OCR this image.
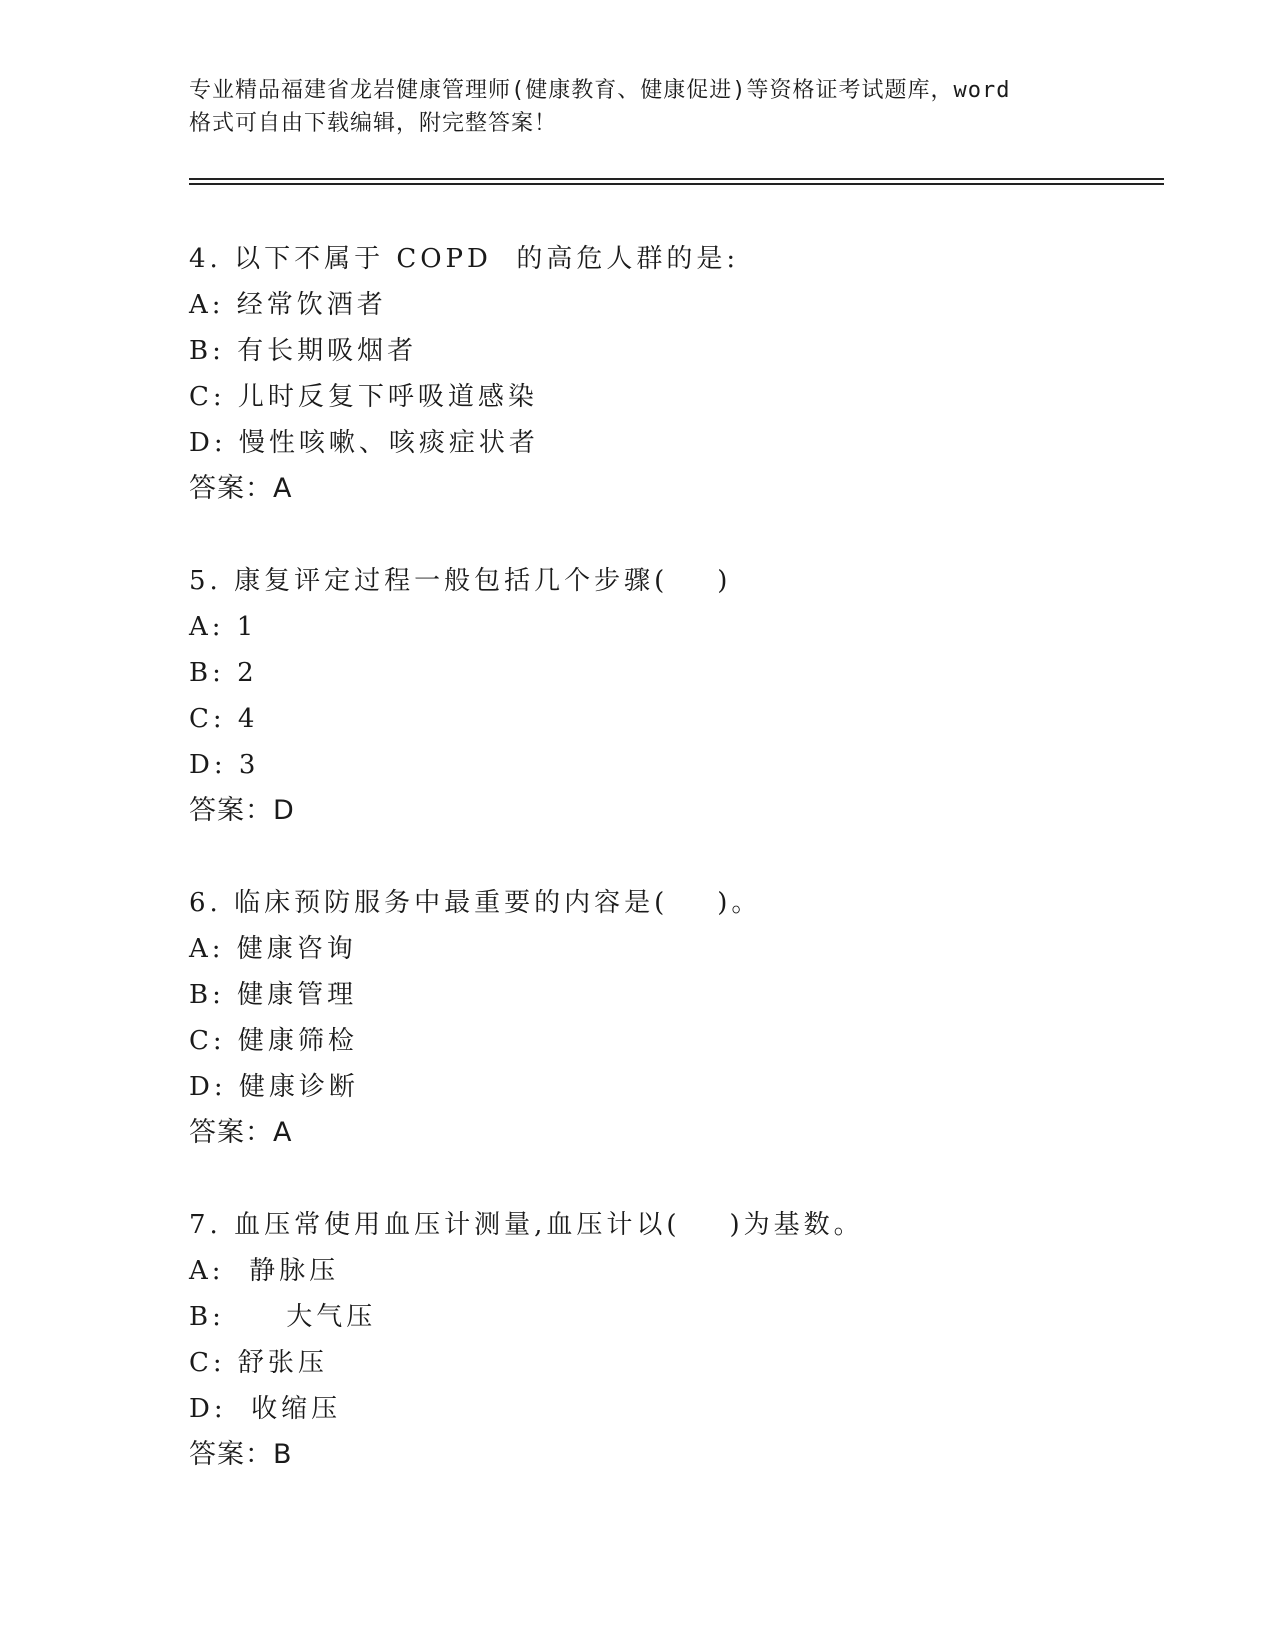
专业精品福建省龙岩健康管理师(健康教育、健康促进)等资格证考试题库，word
格式可自由下载编辑，附完整答案！
4. 以下不属于 COPD  的高危人群的是:
A: 经常饮酒者
B: 有长期吸烟者
C: 儿时反复下呼吸道感染
D: 慢性咳嗽、咳痰症状者
答案：A
5. 康复评定过程一般包括几个步骤(    )
A: 1
B: 2
C: 4
D: 3
答案：D
6. 临床预防服务中最重要的内容是(    )。
A: 健康咨询
B: 健康管理
C: 健康筛检
D: 健康诊断
答案：A
7. 血压常使用血压计测量,血压计以(    )为基数。
A:  静脉压
B:     大气压
C: 舒张压
D:  收缩压
答案：B
